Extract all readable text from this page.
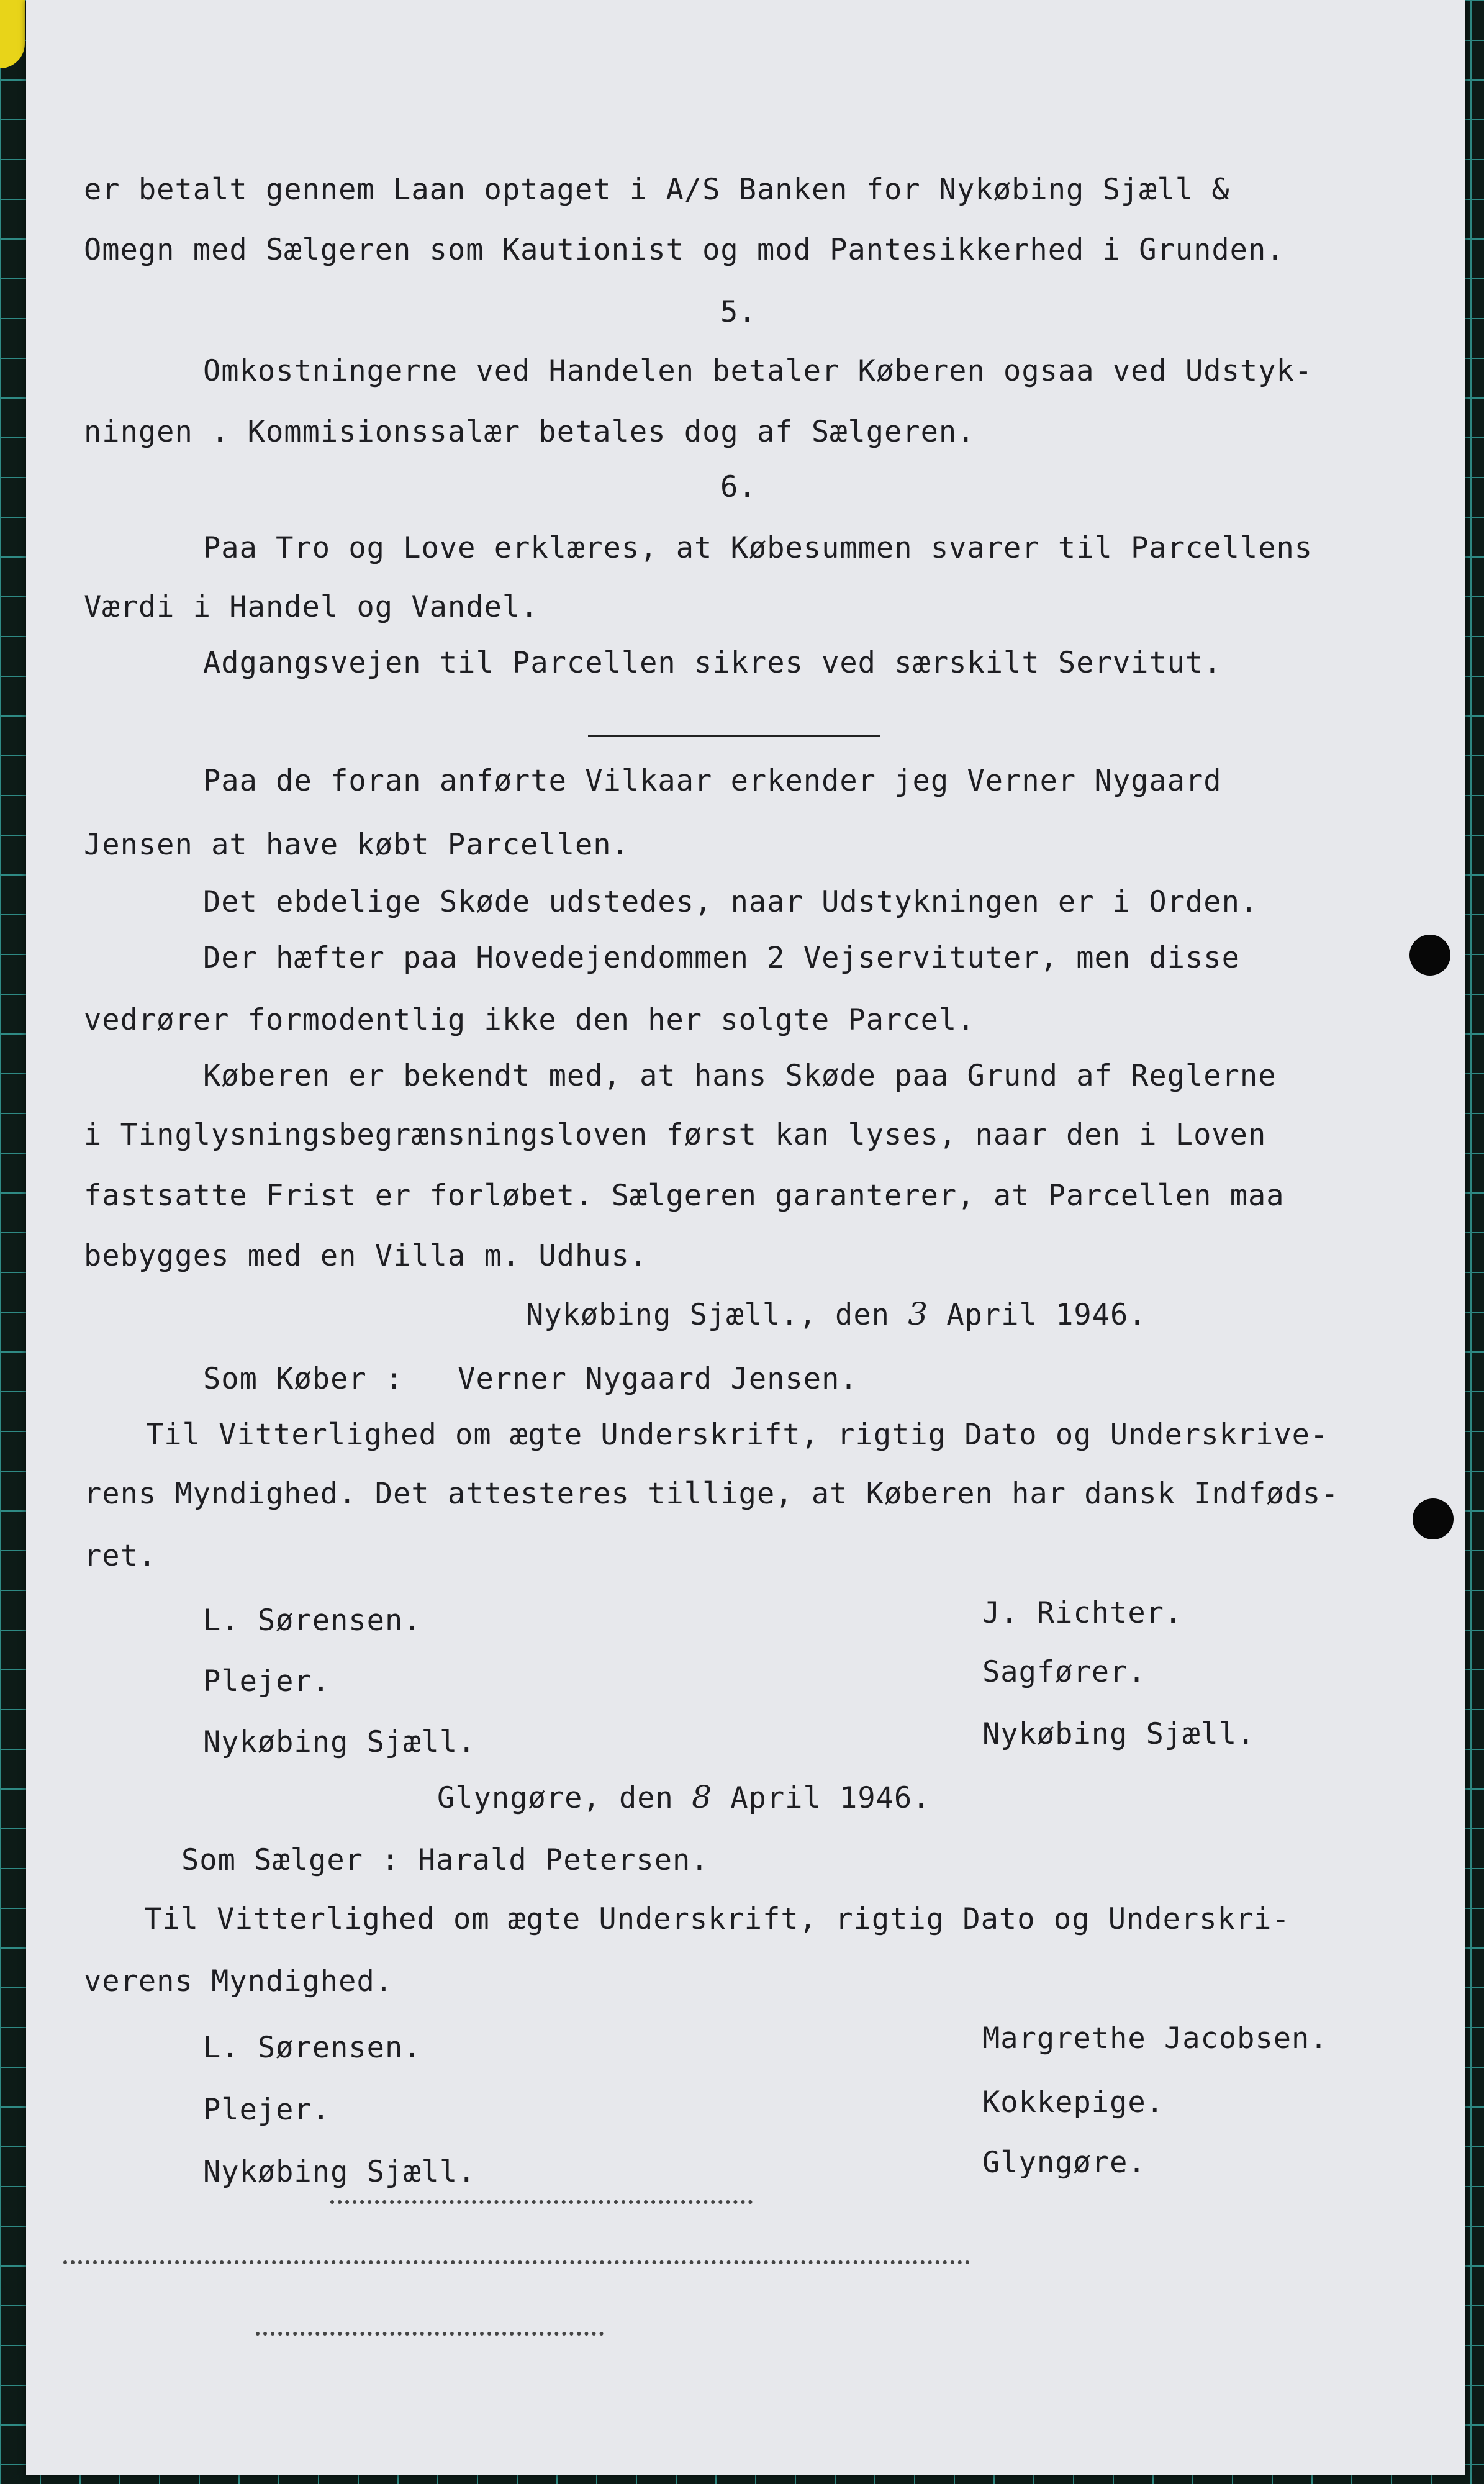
er betalt gennem Laan optaget i A/S Banken for Nykøbing Sjæll &
Omegn med Sælgeren som Kautionist og mod Pantesikkerhed i Grunden.
5.
Omkostningerne ved Handelen betaler Køberen ogsaa ved Udstyk-
ningen . Kommisionssalær betales dog af Sælgeren.
6.
Paa Tro og Love erklæres, at Købesummen svarer til Parcellens
Værdi i Handel og Vandel.
Adgangsvejen til Parcellen sikres ved særskilt Servitut.
Paa de foran anførte Vilkaar erkender jeg Verner Nygaard
Jensen at have købt Parcellen.
Det ebdelige Skøde udstedes, naar Udstykningen er i Orden.
Der hæfter paa Hovedejendommen 2 Vejservituter, men disse
vedrører formodentlig ikke den her solgte Parcel.
Køberen er bekendt med, at hans Skøde paa Grund af Reglerne
i Tinglysningsbegrænsningsloven først kan lyses, naar den i Loven
fastsatte Frist er forløbet. Sælgeren garanterer, at Parcellen maa
bebygges med en Villa m. Udhus.
Nykøbing Sjæll., den 3 April 1946.
Som Køber :   Verner Nygaard Jensen.
Til Vitterlighed om ægte Underskrift, rigtig Dato og Underskrive-
rens Myndighed. Det attesteres tillige, at Køberen har dansk Indføds-
ret.
L. Sørensen.
Plejer.
Nykøbing Sjæll.
J. Richter.
Sagfører.
Nykøbing Sjæll.
Glyngøre, den 8 April 1946.
Som Sælger : Harald Petersen.
Til Vitterlighed om ægte Underskrift, rigtig Dato og Underskri-
verens Myndighed.
L. Sørensen.
Plejer.
Nykøbing Sjæll.
Margrethe Jacobsen.
Kokkepige.
Glyngøre.
